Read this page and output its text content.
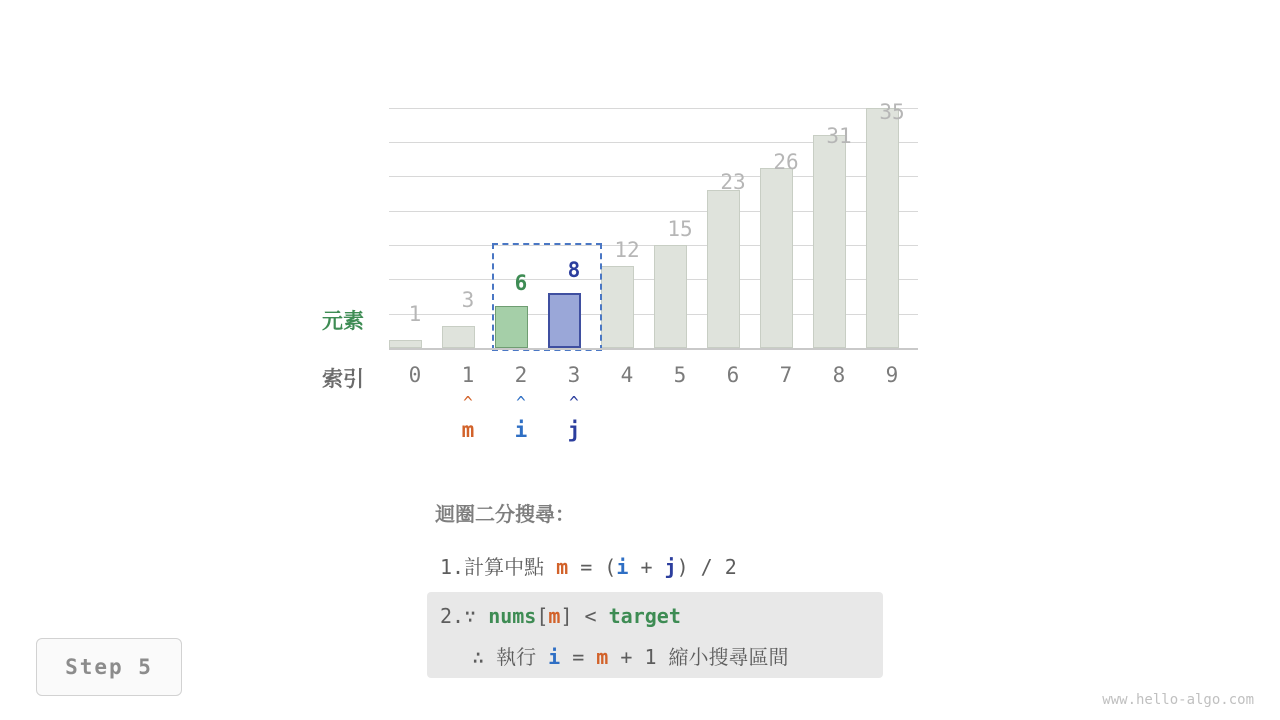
1
3
6
8
12
15
23
26
31
35
元素
索引	0	1	2	3	4	5	6	7	8	9
^
m
^
i
^
j
迴圈二分搜尋：
1.計算中點 m = (i + j) / 2
2.∵ nums[m] < target
∴ 執行 i = m + 1 縮小搜尋區間
Step 5
www.hello-algo.com
